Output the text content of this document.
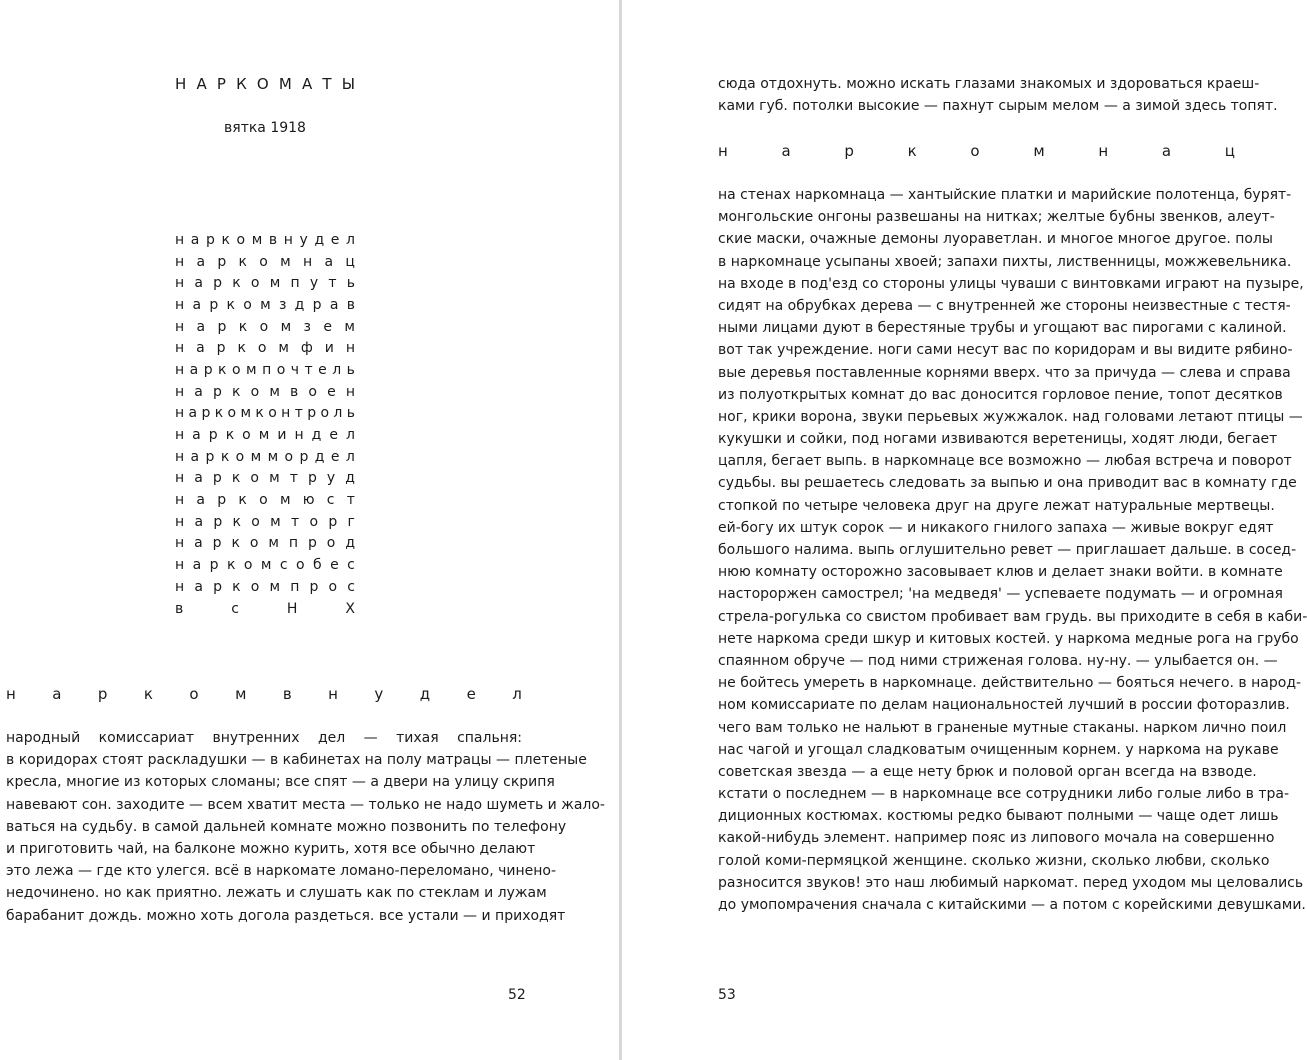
Н А Р К О М А Т Ы
вятка 1918
н а р к о м в н у д е л
н а р к о м н а ц
н а р к о м п у т ь
н а р к о м з д р а в
н а р к о м з е м
н а р к о м ф и н
н а р к о м п о ч т е л ь
н а р к о м в о е н
н а р к о м к о н т р о л ь
н а р к о м и н д е л
н а р к о м м о р д е л
н а р к о м т р у д
н а р к о м ю с т
н а р к о м т о р г
н а р к о м п р о д
н а р к о м с о б е с
н а р к о м п р о с
в	с	Н	Х
н а р к о м в н у д е л
народный комиссариат внутренних дел — тихая спальня:
в коридорах стоят раскладушки — в кабинетах на полу матрацы — плетеные
кресла, многие из которых сломаны; все спят — а двери на улицу скрипя
навевают сон. заходите — всем хватит места — только не надо шуметь и жало-
ваться на судьбу. в самой дальней комнате можно позвонить по телефону
и приготовить чай, на балконе можно курить, хотя все обычно делают
это лежа — где кто улегся. всё в наркомате ломано-переломано, чинено-
недочинено. но как приятно. лежать и слушать как по стеклам и лужам
барабанит дождь. можно хоть догола раздеться. все устали — и приходят
52
сюда отдохнуть. можно искать глазами знакомых и здороваться краеш-
ками губ. потолки высокие — пахнут сырым мелом — а зимой здесь топят.
н	а	р	к	о	м	н	а	ц
на стенах наркомнаца — хантыйские платки и марийские полотенца, бурят-
монгольские онгоны развешаны на нитках; желтые бубны звенков, алеут-
ские маски, очажные демоны луораветлан. и многое многое другое. полы
в наркомнаце усыпаны хвоей; запахи пихты, лиственницы, можжевельника.
на входе в под'езд со стороны улицы чуваши с винтовками играют на пузыре,
сидят на обрубках дерева — с внутренней же стороны неизвестные с тестя-
ными лицами дуют в берестяные трубы и угощают вас пирогами с калиной.
вот так учреждение. ноги сами несут вас по коридорам и вы видите рябино-
вые деревья поставленные корнями вверх. что за причуда — слева и справа
из полуоткрытых комнат до вас доносится горловое пение, топот десятков
ног, крики ворона, звуки перьевых жужжалок. над головами летают птицы —
кукушки и сойки, под ногами извиваются веретеницы, ходят люди, бегает
цапля, бегает выпь. в наркомнаце все возможно — любая встреча и поворот
судьбы. вы решаетесь следовать за выпью и она приводит вас в комнату где
стопкой по четыре человека друг на друге лежат натуральные мертвецы.
ей-богу их штук сорок — и никакого гнилого запаха — живые вокруг едят
большого налима. выпь оглушительно ревет — приглашает дальше. в сосед-
нюю комнату осторожно засовывает клюв и делает знаки войти. в комнате
настороржен самострел; 'на медведя' — успеваете подумать — и огромная
стрела-рогулька со свистом пробивает вам грудь. вы приходите в себя в каби-
нете наркома среди шкур и китовых костей. у наркома медные рога на грубо
спаянном обруче — под ними стриженая голова. ну-ну. — улыбается он. —
не бойтесь умереть в наркомнаце. действительно — бояться нечего. в народ-
ном комиссариате по делам национальностей лучший в россии фоторазлив.
чего вам только не нальют в граненые мутные стаканы. нарком лично поил
нас чагой и угощал сладковатым очищенным корнем. у наркома на рукаве
советская звезда — а еще нету брюк и половой орган всегда на взводе.
кстати о последнем — в наркомнаце все сотрудники либо голые либо в тра-
диционных костюмах. костюмы редко бывают полными — чаще одет лишь
какой-нибудь элемент. например пояс из липового мочала на совершенно
голой коми-пермяцкой женщине. сколько жизни, сколько любви, сколько
разносится звуков! это наш любимый наркомат. перед уходом мы целовались
до умопомрачения сначала с китайскими — а потом с корейскими девушками.
53
